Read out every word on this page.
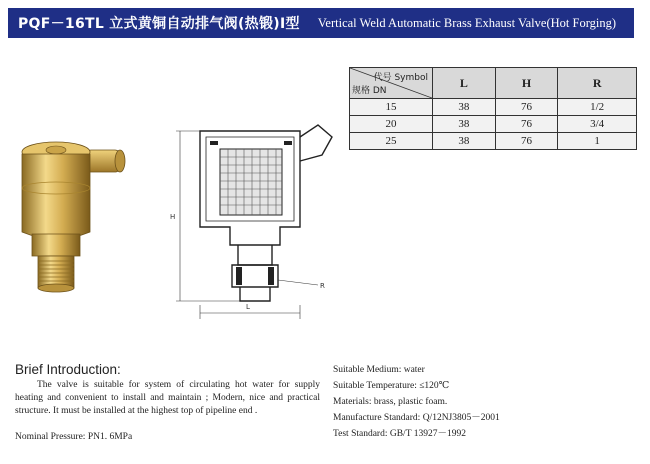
PQF－16TL 立式黄铜自动排气阀(热锻)Ⅰ型 Vertical Weld Automatic Brass Exhaust Valve(Hot Forging)
H
L
R
代号 Symbol
规格 DN	L	H	R
15	38	76	1/2
20	38	76	3/4
25	38	76	1
Brief Introduction:
The valve is suitable for system of circulating hot water for supply heating and convenient to install and maintain ; Modern, nice and practical structure. It must be installed at the highest top of pipeline end .
Nominal Pressure: PN1. 6MPa
Suitable Medium: water
Suitable Temperature: ≤120℃
Materials: brass, plastic foam.
Manufacture Standard: Q/12NJ3805－2001
Test Standard: GB/T 13927－1992
